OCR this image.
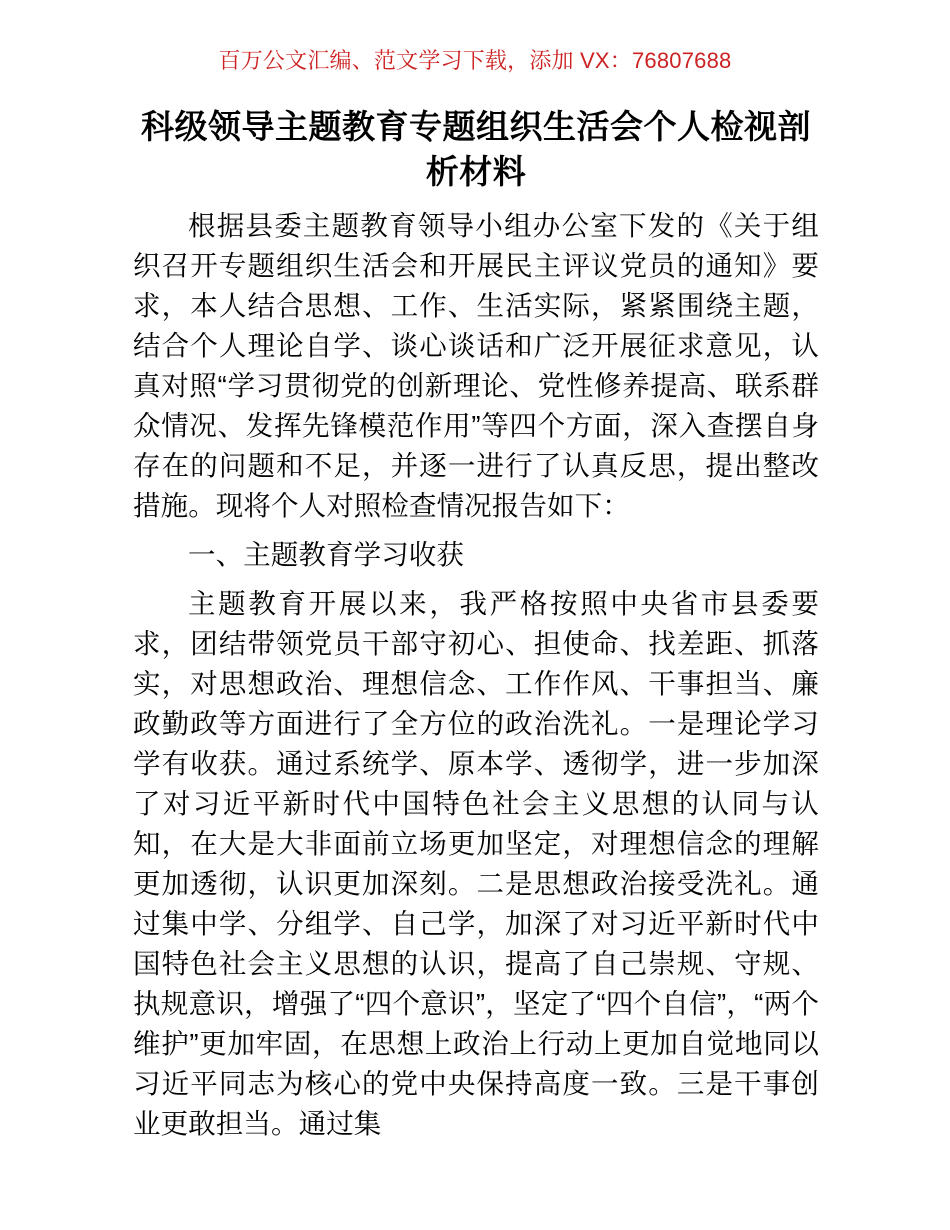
百万公文汇编、范文学习下载，添加 VX：76807688
科级领导主题教育专题组织生活会个人检视剖析材料

根据县委主题教育领导小组办公室下发的《关于组织召开专题组织生活会和开展民主评议党员的通知》要求，本人结合思想、工作、生活实际，紧紧围绕主题，结合个人理论自学、谈心谈话和广泛开展征求意见，认真对照“学习贯彻党的创新理论、党性修养提高、联系群众情况、发挥先锋模范作用”等四个方面，深入查摆自身存在的问题和不足，并逐一进行了认真反思，提出整改措施。现将个人对照检查情况报告如下：

一、主题教育学习收获

主题教育开展以来，我严格按照中央省市县委要求，团结带领党员干部守初心、担使命、找差距、抓落实，对思想政治、理想信念、工作作风、干事担当、廉政勤政等方面进行了全方位的政治洗礼。一是理论学习学有收获。通过系统学、原本学、透彻学，进一步加深了对习近平新时代中国特色社会主义思想的认同与认知，在大是大非面前立场更加坚定，对理想信念的理解更加透彻，认识更加深刻。二是思想政治接受洗礼。通过集中学、分组学、自己学，加深了对习近平新时代中国特色社会主义思想的认识，提高了自己崇规、守规、执规意识，增强了“四个意识”，坚定了“四个自信”，“两个维护”更加牢固，在思想上政治上行动上更加自觉地同以习近平同志为核心的党中央保持高度一致。三是干事创业更敢担当。通过集
